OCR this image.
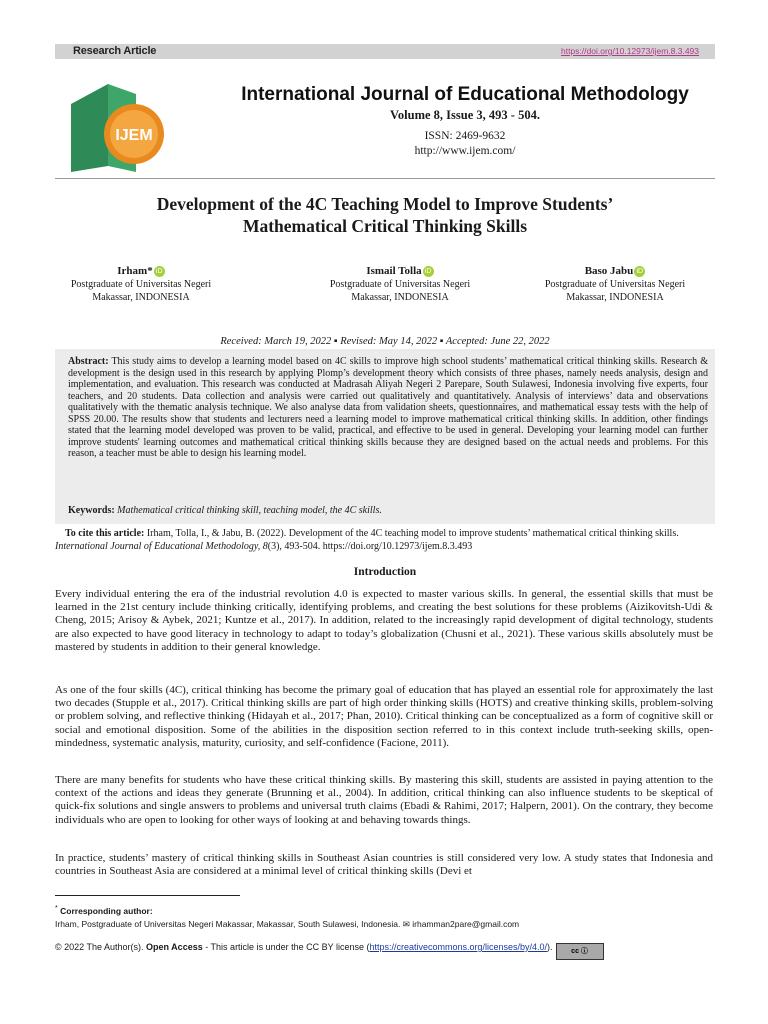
Research Article	https://doi.org/10.12973/ijem.8.3.493
IJEM
International Journal of Educational Methodology
Volume 8, Issue 3, 493 - 504.
ISSN: 2469-9632
http://www.ijem.com/
Development of the 4C Teaching Model to Improve Students’
Mathematical Critical Thinking Skills
Irham* iD
Postgraduate of Universitas Negeri
Makassar, INDONESIA
Ismail Tolla iD
Postgraduate of Universitas Negeri
Makassar, INDONESIA
Baso Jabu iD
Postgraduate of Universitas Negeri
Makassar, INDONESIA
Received: March 19, 2022 ▪ Revised: May 14, 2022 ▪ Accepted: June 22, 2022
Abstract: This study aims to develop a learning model based on 4C skills to improve high school students’ mathematical critical thinking skills. Research & development is the design used in this research by applying Plomp’s development theory which consists of three phases, namely needs analysis, design and implementation, and evaluation. This research was conducted at Madrasah Aliyah Negeri 2 Parepare, South Sulawesi, Indonesia involving five experts, four teachers, and 20 students. Data collection and analysis were carried out qualitatively and quantitatively. Analysis of interviews’ data and observations qualitatively with the thematic analysis technique. We also analyse data from validation sheets, questionnaires, and mathematical essay tests with the help of SPSS 20.00. The results show that students and lecturers need a learning model to improve mathematical critical thinking skills. In addition, other findings stated that the learning model developed was proven to be valid, practical, and effective to be used in general. Developing your learning model can further improve students' learning outcomes and mathematical critical thinking skills because they are designed based on the actual needs and problems. For this reason, a teacher must be able to design his learning model.
Keywords: Mathematical critical thinking skill, teaching model, the 4C skills.
To cite this article: Irham, Tolla, I., & Jabu, B. (2022). Development of the 4C teaching model to improve students’ mathematical critical thinking skills. International Journal of Educational Methodology, 8(3), 493-504. https://doi.org/10.12973/ijem.8.3.493
Introduction
Every individual entering the era of the industrial revolution 4.0 is expected to master various skills. In general, the essential skills that must be learned in the 21st century include thinking critically, identifying problems, and creating the best solutions for these problems (Aizikovitsh-Udi & Cheng, 2015; Arisoy & Aybek, 2021; Kuntze et al., 2017). In addition, related to the increasingly rapid development of digital technology, students are also expected to have good literacy in technology to adapt to today’s globalization (Chusni et al., 2021). These various skills absolutely must be mastered by students in addition to their general knowledge.
As one of the four skills (4C), critical thinking has become the primary goal of education that has played an essential role for approximately the last two decades (Stupple et al., 2017). Critical thinking skills are part of high order thinking skills (HOTS) and creative thinking skills, problem-solving or problem solving, and reflective thinking (Hidayah et al., 2017; Phan, 2010). Critical thinking can be conceptualized as a form of cognitive skill or social and emotional disposition. Some of the abilities in the disposition section referred to in this context include truth-seeking skills, open-mindedness, systematic analysis, maturity, curiosity, and self-confidence (Facione, 2011).
There are many benefits for students who have these critical thinking skills. By mastering this skill, students are assisted in paying attention to the context of the actions and ideas they generate (Brunning et al., 2004). In addition, critical thinking can also influence students to be skeptical of quick-fix solutions and single answers to problems and universal truth claims (Ebadi & Rahimi, 2017; Halpern, 2001). On the contrary, they become individuals who are open to looking for other ways of looking at and behaving towards things.
In practice, students’ mastery of critical thinking skills in Southeast Asian countries is still considered very low. A study states that Indonesia and countries in Southeast Asia are considered at a minimal level of critical thinking skills (Devi et
* Corresponding author:
Irham, Postgraduate of Universitas Negeri Makassar, Makassar, South Sulawesi, Indonesia. ✉ irhamman2pare@gmail.com
© 2022 The Author(s). Open Access - This article is under the CC BY license (https://creativecommons.org/licenses/by/4.0/).	cc ⓘ
